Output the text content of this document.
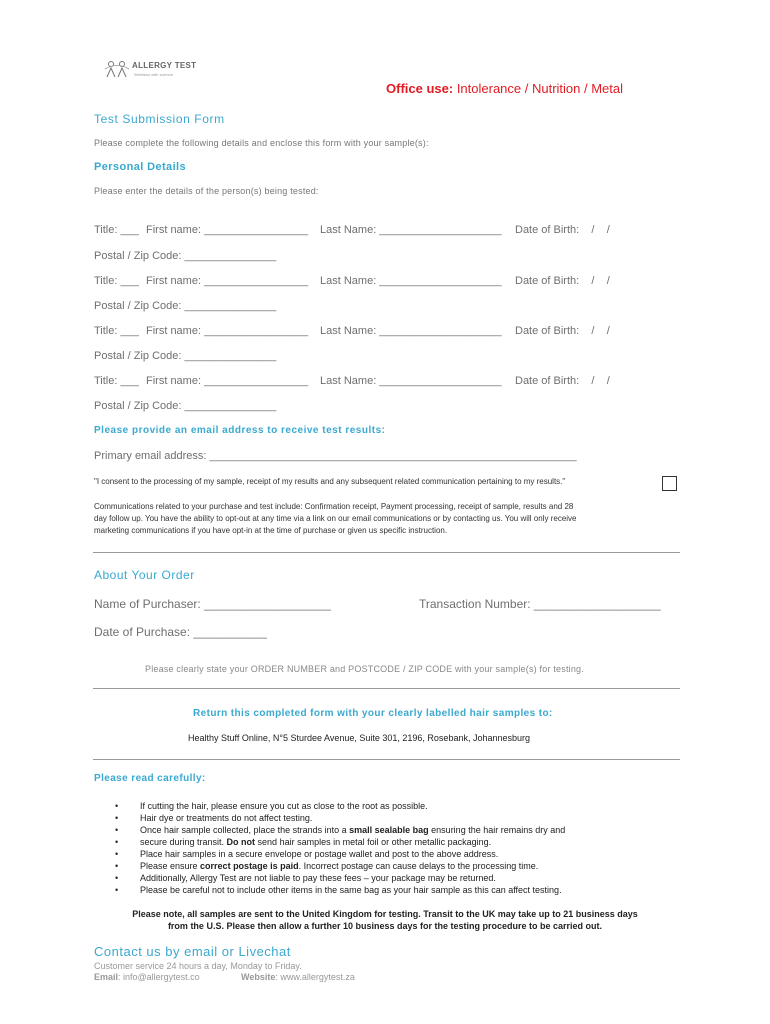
ALLERGY TEST
Wellness with science
Office use: Intolerance / Nutrition / Metal
Test Submission Form
Please complete the following details and enclose this form with your sample(s):
Personal Details
Please enter the details of the person(s) being tested:
Title: ___ First name: _________________ Last Name: ____________________ Date of Birth:    /    /
Postal / Zip Code: _______________
Title: ___ First name: _________________ Last Name: ____________________ Date of Birth:    /    /
Postal / Zip Code: _______________
Title: ___ First name: _________________ Last Name: ____________________ Date of Birth:    /    /
Postal / Zip Code: _______________
Title: ___ First name: _________________ Last Name: ____________________ Date of Birth:    /    /
Postal / Zip Code: _______________
Please provide an email address to receive test results:
Primary email address: ____________________________________________________________
"I consent to the processing of my sample, receipt of my results and any subsequent related communication pertaining to my results."
Communications related to your purchase and test include: Confirmation receipt, Payment processing, receipt of sample, results and 28
day follow up. You have the ability to opt-out at any time via a link on our email communications or by contacting us. You will only receive
marketing communications if you have opt-in at the time of purchase or given us specific instruction.
About Your Order
Name of Purchaser: ___________________	Transaction Number: ___________________
Date of Purchase: ___________
Please clearly state your ORDER NUMBER and POSTCODE / ZIP CODE with your sample(s) for testing.
Return this completed form with your clearly labelled hair samples to:
Healthy Stuff Online, N°5 Sturdee Avenue, Suite 301, 2196, Rosebank, Johannesburg
Please read carefully:
• If cutting the hair, please ensure you cut as close to the root as possible.
• Hair dye or treatments do not affect testing.
• Once hair sample collected, place the strands into a small sealable bag ensuring the hair remains dry and
• secure during transit. Do not send hair samples in metal foil or other metallic packaging.
• Place hair samples in a secure envelope or postage wallet and post to the above address.
• Please ensure correct postage is paid. Incorrect postage can cause delays to the processing time.
• Additionally, Allergy Test are not liable to pay these fees – your package may be returned.
• Please be careful not to include other items in the same bag as your hair sample as this can affect testing.
Please note, all samples are sent to the United Kingdom for testing. Transit to the UK may take up to 21 business days
from the U.S. Please then allow a further 10 business days for the testing procedure to be carried out.
Contact us by email or Livechat
Customer service 24 hours a day, Monday to Friday.
Email: info@allergytest.co	Website: www.allergytest.za
